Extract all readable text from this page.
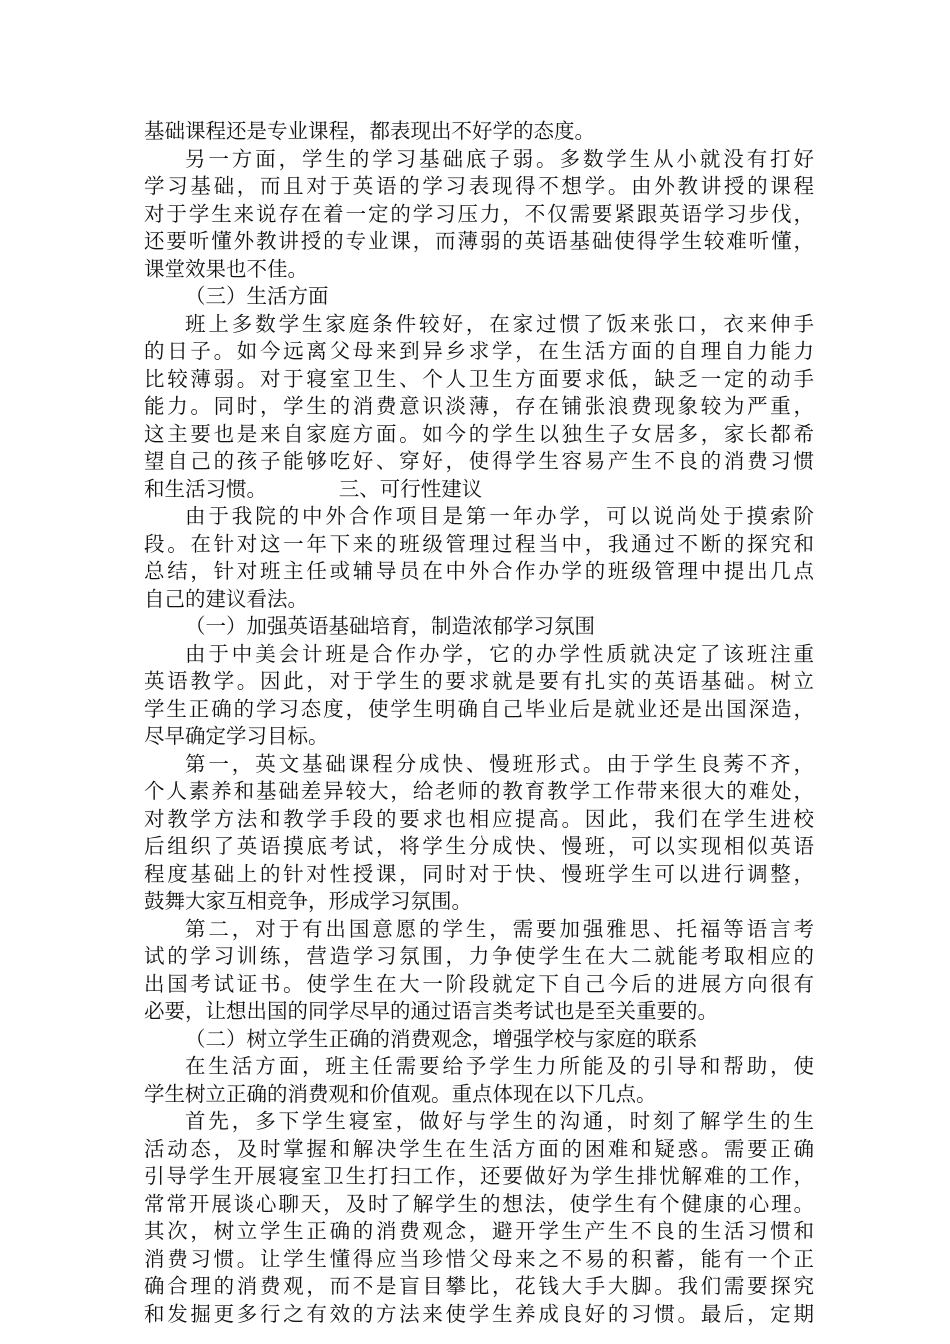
基础课程还是专业课程，都表现出不好学的态度。
另一方面，学生的学习基础底子弱。多数学生从小就没有打好
学习基础，而且对于英语的学习表现得不想学。由外教讲授的课程
对于学生来说存在着一定的学习压力，不仅需要紧跟英语学习步伐，
还要听懂外教讲授的专业课，而薄弱的英语基础使得学生较难听懂，
课堂效果也不佳。
（三）生活方面
班上多数学生家庭条件较好，在家过惯了饭来张口，衣来伸手
的日子。如今远离父母来到异乡求学，在生活方面的自理自力能力
比较薄弱。对于寝室卫生、个人卫生方面要求低，缺乏一定的动手
能力。同时，学生的消费意识淡薄，存在铺张浪费现象较为严重，
这主要也是来自家庭方面。如今的学生以独生子女居多，家长都希
望自己的孩子能够吃好、穿好，使得学生容易产生不良的消费习惯
和生活习惯。　　　　三、可行性建议
由于我院的中外合作项目是第一年办学，可以说尚处于摸索阶
段。在针对这一年下来的班级管理过程当中，我通过不断的探究和
总结，针对班主任或辅导员在中外合作办学的班级管理中提出几点
自己的建议看法。
（一）加强英语基础培育，制造浓郁学习氛围
由于中美会计班是合作办学，它的办学性质就决定了该班注重
英语教学。因此，对于学生的要求就是要有扎实的英语基础。树立
学生正确的学习态度，使学生明确自己毕业后是就业还是出国深造，
尽早确定学习目标。
第一，英文基础课程分成快、慢班形式。由于学生良莠不齐，
个人素养和基础差异较大，给老师的教育教学工作带来很大的难处，
对教学方法和教学手段的要求也相应提高。因此，我们在学生进校
后组织了英语摸底考试，将学生分成快、慢班，可以实现相似英语
程度基础上的针对性授课，同时对于快、慢班学生可以进行调整，
鼓舞大家互相竞争，形成学习氛围。
第二，对于有出国意愿的学生，需要加强雅思、托福等语言考
试的学习训练，营造学习氛围，力争使学生在大二就能考取相应的
出国考试证书。使学生在大一阶段就定下自己今后的进展方向很有
必要，让想出国的同学尽早的通过语言类考试也是至关重要的。
（二）树立学生正确的消费观念，增强学校与家庭的联系
在生活方面，班主任需要给予学生力所能及的引导和帮助，使
学生树立正确的消费观和价值观。重点体现在以下几点。
首先，多下学生寝室，做好与学生的沟通，时刻了解学生的生
活动态，及时掌握和解决学生在生活方面的困难和疑惑。需要正确
引导学生开展寝室卫生打扫工作，还要做好为学生排忧解难的工作，
常常开展谈心聊天，及时了解学生的想法，使学生有个健康的心理。
其次，树立学生正确的消费观念，避开学生产生不良的生活习惯和
消费习惯。让学生懂得应当珍惜父母来之不易的积蓄，能有一个正
确合理的消费观，而不是盲目攀比，花钱大手大脚。我们需要探究
和发掘更多行之有效的方法来使学生养成良好的习惯。最后，定期
